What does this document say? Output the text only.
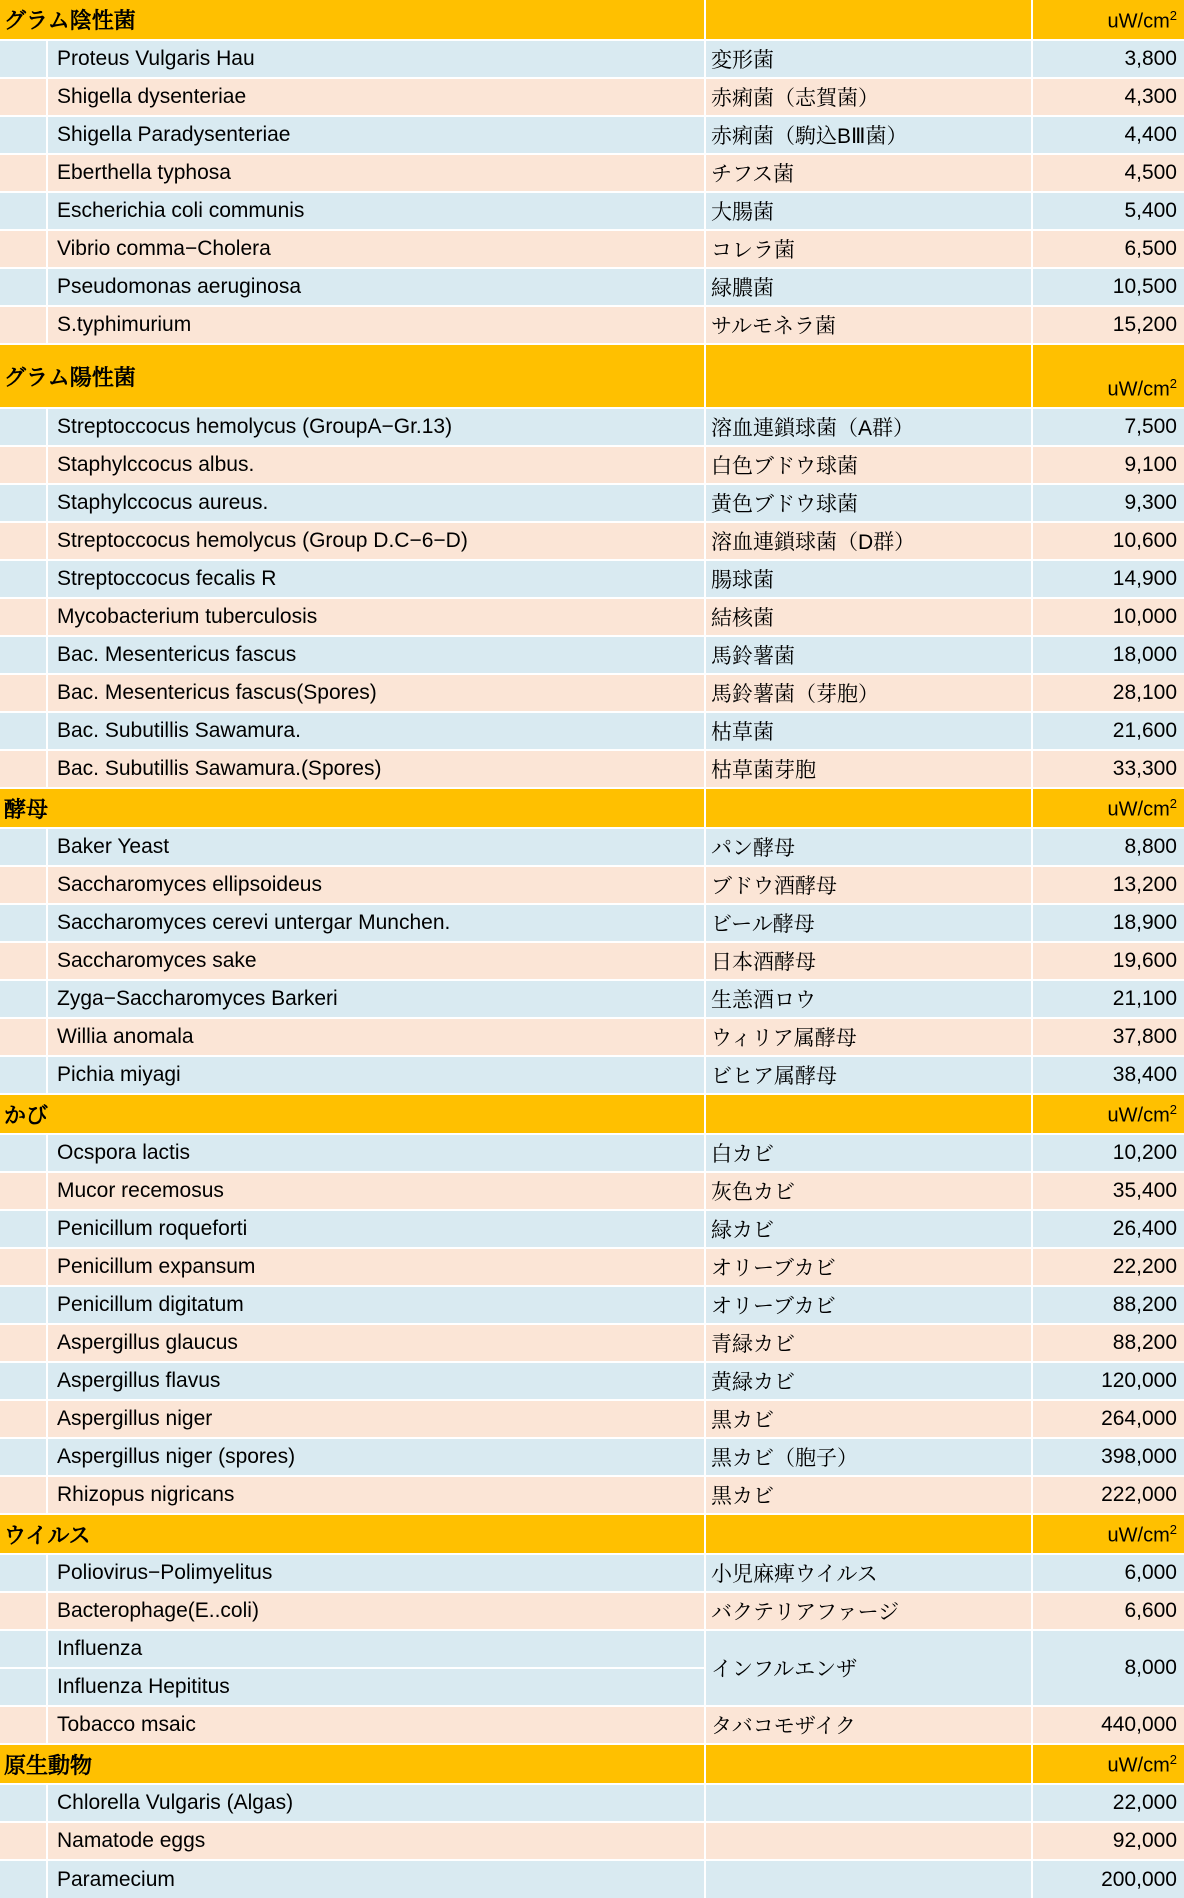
グラム陰性菌			$uW/cm^2$
	Proteus Vulgaris Hau	変形菌	3,800
	Shigella dysenteriae	赤痢菌（志賀菌）	4,300
	Shigella Paradysenteriae	赤痢菌（駒込BⅢ菌）	4,400
	Eberthella typhosa	チフス菌	4,500
	Escherichia coli communis	大腸菌	5,400
	Vibrio comma−Cholera	コレラ菌	6,500
	Pseudomonas aeruginosa	緑膿菌	10,500
	S.typhimurium	サルモネラ菌	15,200
グラム陽性菌			$uW/cm^2$
	Streptoccocus hemolycus (GroupA−Gr.13)	溶血連鎖球菌（A群）	7,500
	Staphylccocus albus.	白色ブドウ球菌	9,100
	Staphylccocus aureus.	黄色ブドウ球菌	9,300
	Streptoccocus hemolycus (Group D.C−6−D)	溶血連鎖球菌（D群）	10,600
	Streptoccocus fecalis R	腸球菌	14,900
	Mycobacterium tuberculosis	結核菌	10,000
	Bac. Mesentericus fascus	馬鈴薯菌	18,000
	Bac. Mesentericus fascus(Spores)	馬鈴薯菌（芽胞）	28,100
	Bac. Subutillis Sawamura.	枯草菌	21,600
	Bac. Subutillis Sawamura.(Spores)	枯草菌芽胞	33,300
酵母			$uW/cm^2$
	Baker Yeast	パン酵母	8,800
	Saccharomyces ellipsoideus	ブドウ酒酵母	13,200
	Saccharomyces cerevi untergar Munchen.	ビール酵母	18,900
	Saccharomyces sake	日本酒酵母	19,600
	Zyga−Saccharomyces Barkeri	生恙酒ロウ	21,100
	Willia anomala	ウィリア属酵母	37,800
	Pichia miyagi	ビヒア属酵母	38,400
かび			$uW/cm^2$
	Ocspora lactis	白カビ	10,200
	Mucor recemosus	灰色カビ	35,400
	Penicillum roqueforti	緑カビ	26,400
	Penicillum expansum	オリーブカビ	22,200
	Penicillum digitatum	オリーブカビ	88,200
	Aspergillus glaucus	青緑カビ	88,200
	Aspergillus flavus	黄緑カビ	120,000
	Aspergillus niger	黒カビ	264,000
	Aspergillus niger (spores)	黒カビ（胞子）	398,000
	Rhizopus nigricans	黒カビ	222,000
ウイルス			$uW/cm^2$
	Poliovirus−Polimyelitus	小児麻痺ウイルス	6,000
	Bacterophage(E..coli)	バクテリアファージ	6,600
	Influenza	インフルエンザ	8,000
	Influenza Hepititus		
	Tobacco msaic	タバコモザイク	440,000
原生動物			$uW/cm^2$
	Chlorella Vulgaris (Algas)		22,000
	Namatode eggs		92,000
	Paramecium		200,000
